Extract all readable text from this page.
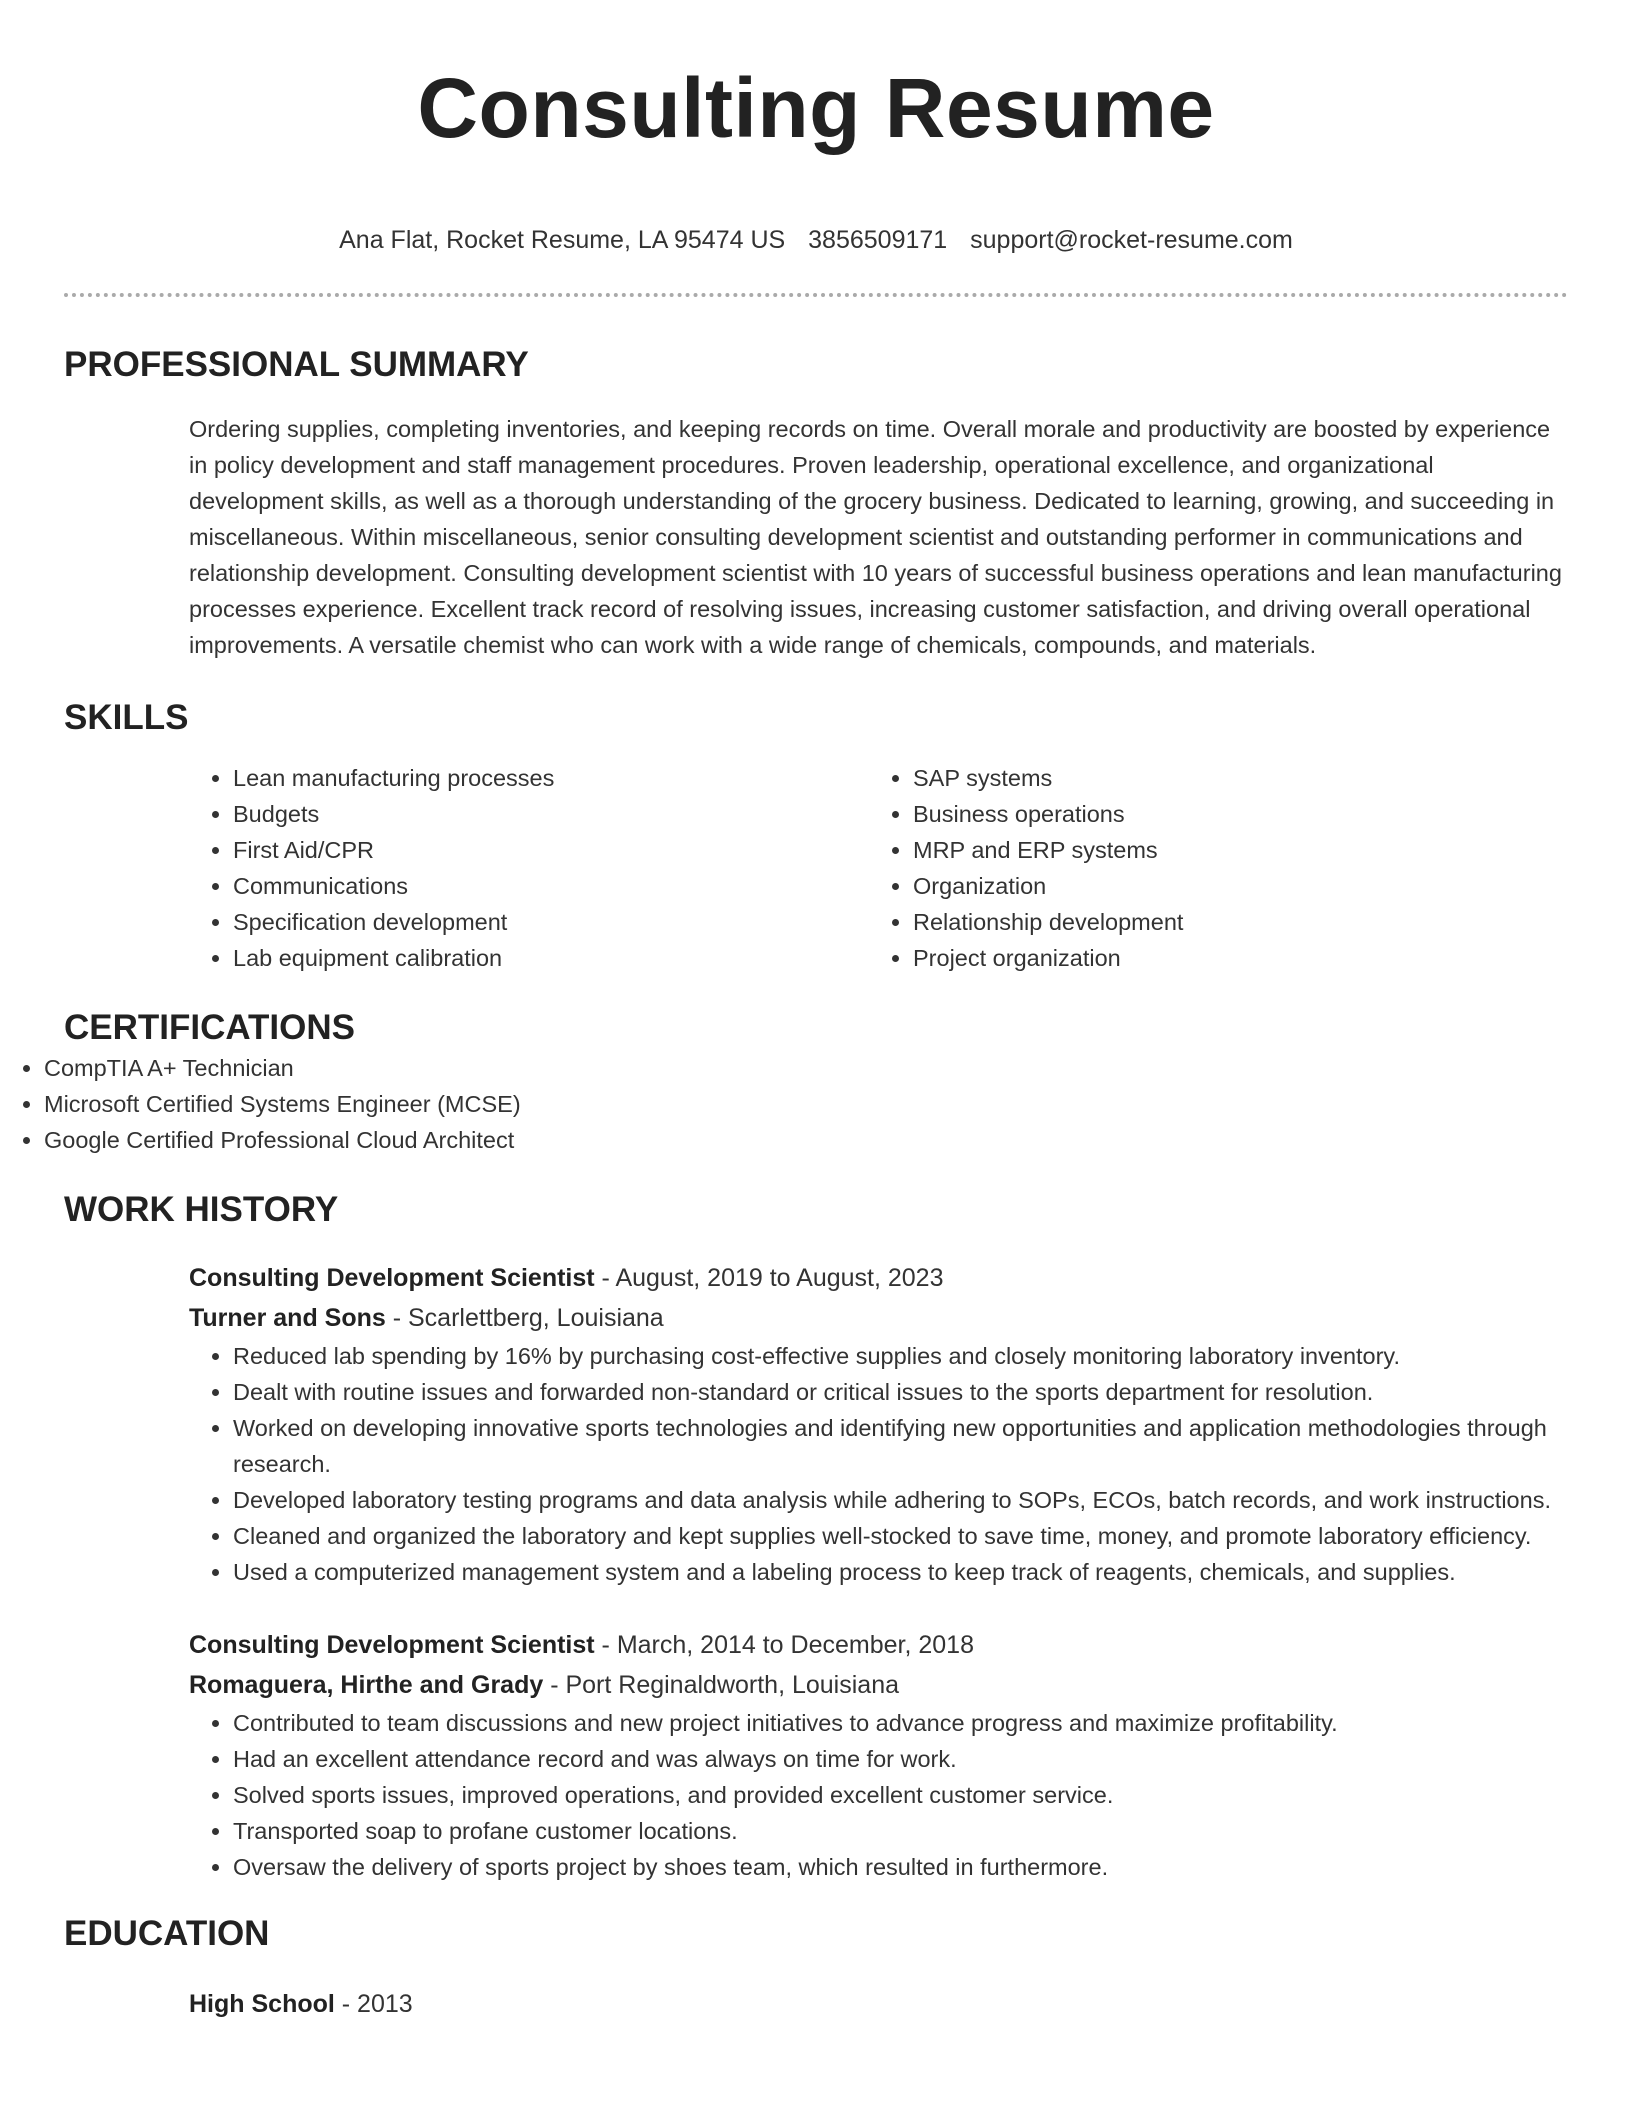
Consulting Resume
Ana Flat, Rocket Resume, LA 95474 US 3856509171 support@rocket-resume.com
PROFESSIONAL SUMMARY

Ordering supplies, completing inventories, and keeping records on time. Overall morale and productivity are boosted by experience in policy development and staff management procedures. Proven leadership, operational excellence, and organizational development skills, as well as a thorough understanding of the grocery business. Dedicated to learning, growing, and succeeding in miscellaneous. Within miscellaneous, senior consulting development scientist and outstanding performer in communications and relationship development. Consulting development scientist with 10 years of successful business operations and lean manufacturing processes experience. Excellent track record of resolving issues, increasing customer satisfaction, and driving overall operational improvements. A versatile chemist who can work with a wide range of chemicals, compounds, and materials.

SKILLS
• Lean manufacturing processes
• Budgets
• First Aid/CPR
• Communications
• Specification development
• Lab equipment calibration
• SAP systems
• Business operations
• MRP and ERP systems
• Organization
• Relationship development
• Project organization
CERTIFICATIONS
• CompTIA A+ Technician
• Microsoft Certified Systems Engineer (MCSE)
• Google Certified Professional Cloud Architect
WORK HISTORY
Consulting Development Scientist - August, 2019 to August, 2023
Turner and Sons - Scarlettberg, Louisiana
• Reduced lab spending by 16% by purchasing cost-effective supplies and closely monitoring laboratory inventory.
• Dealt with routine issues and forwarded non-standard or critical issues to the sports department for resolution.
• Worked on developing innovative sports technologies and identifying new opportunities and application methodologies through research.
• Developed laboratory testing programs and data analysis while adhering to SOPs, ECOs, batch records, and work instructions.
• Cleaned and organized the laboratory and kept supplies well-stocked to save time, money, and promote laboratory efficiency.
• Used a computerized management system and a labeling process to keep track of reagents, chemicals, and supplies.
Consulting Development Scientist - March, 2014 to December, 2018
Romaguera, Hirthe and Grady - Port Reginaldworth, Louisiana
• Contributed to team discussions and new project initiatives to advance progress and maximize profitability.
• Had an excellent attendance record and was always on time for work.
• Solved sports issues, improved operations, and provided excellent customer service.
• Transported soap to profane customer locations.
• Oversaw the delivery of sports project by shoes team, which resulted in furthermore.
EDUCATION
High School - 2013
